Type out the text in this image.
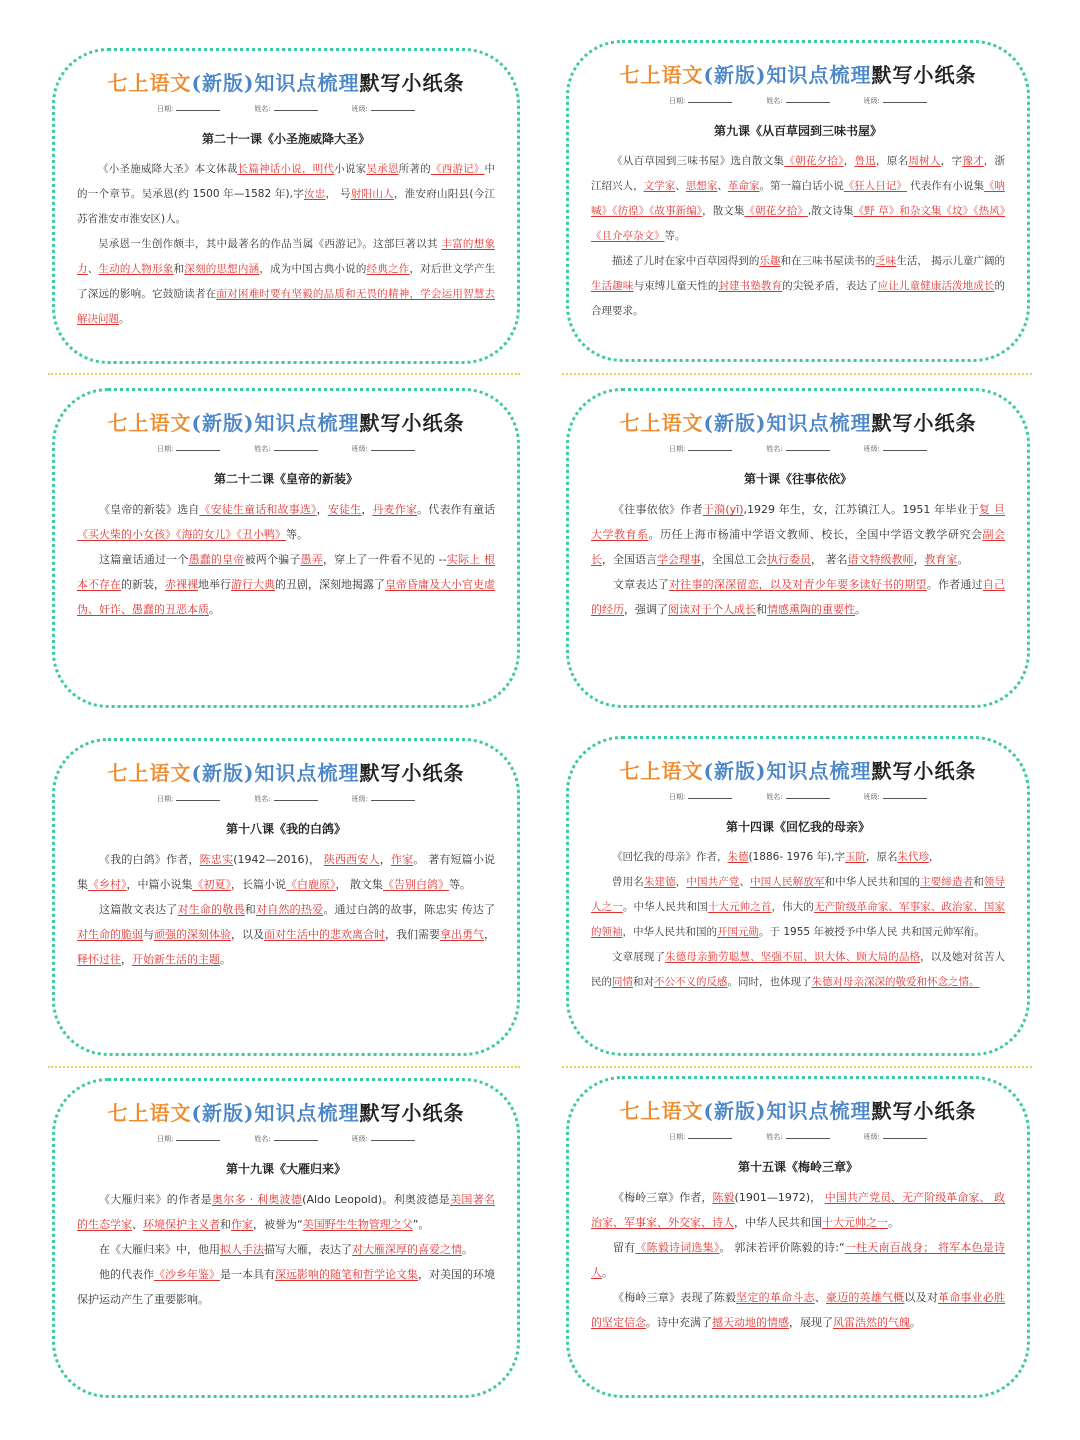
七上语文(新版)知识点梳理默写小纸条
日期:	姓名:	班级:
第二十一课《小圣施威降大圣》

《小圣施威降大圣》本文体裁长篇神话小说，明代小说家吴承恩所著的《西游记》中的一个章节。吴承恩(约 1500 年—1582 年),字汝忠， 号射阳山人，淮安府山阳县(今江苏省淮安市淮安区)人。

吴承恩一生创作颇丰，其中最著名的作品当属《西游记》。这部巨著以其 丰富的想象力、生动的人物形象和深刻的思想内涵，成为中国古典小说的经典之作，对后世文学产生了深远的影响。它鼓励读者在面对困难时要有坚毅的品质和无畏的精神，学会运用智慧去解决问题。

七上语文(新版)知识点梳理默写小纸条
日期:	姓名:	班级:
第九课《从百草园到三味书屋》

《从百草园到三味书屋》选自散文集《朝花夕拾》，鲁迅，原名周树人，字豫才，浙江绍兴人，文学家、思想家、革命家。第一篇白话小说《狂人日记》 代表作有小说集《呐喊》《彷徨》《故事新编》，散文集《朝花夕拾》,散文诗集《野 草》和杂文集《坟》《热风》《且介亭杂文》等。

描述了儿时在家中百草园得到的乐趣和在三味书屋读书的乏味生活， 揭示儿童广阔的生活趣味与束缚儿童天性的封建书塾教育的尖锐矛盾，表达了应让儿童健康活泼地成长的合理要求。

七上语文(新版)知识点梳理默写小纸条
日期:	姓名:	班级:
第二十二课《皇帝的新装》

《皇帝的新装》选自《安徒生童话和故事选》，安徒生，丹麦作家。代表作有童话《买火柴的小女孩》《海的女儿》《丑小鸭》等。

这篇童话通过一个愚蠢的皇帝被两个骗子愚弄，穿上了一件看不见的 --实际上 根本不存在的新装，赤裸裸地举行游行大典的丑剧，深刻地揭露了皇帝昏庸及大小官吏虚伪、奸诈、愚蠢的丑恶本质。

七上语文(新版)知识点梳理默写小纸条
日期:	姓名:	班级:
第十课《往事依依》

《往事依依》作者于漪(yī),1929 年生，女，江苏镇江人。1951 年毕业于复 旦大学教育系。历任上海市杨浦中学语文教师、校长，全国中学语文教学研究会副会长，全国语言学会理事，全国总工会执行委员， 著名语文特级教师，教育家。

文章表达了对往事的深深留恋，以及对青少年要多读好书的期望。作者通过自己的经历，强调了阅读对于个人成长和情感熏陶的重要性。

七上语文(新版)知识点梳理默写小纸条
日期:	姓名:	班级:
第十八课《我的白鸽》

《我的白鸽》作者，陈忠实(1942—2016)， 陕西西安人，作家。 著有短篇小说集《乡村》，中篇小说集《初夏》，长篇小说《白鹿原》， 散文集《告别白鸽》等。

这篇散文表达了对生命的敬畏和对自然的热爱。通过白鸽的故事，陈忠实 传达了对生命的脆弱与顽强的深刻体验，以及面对生活中的悲欢离合时，我们需要拿出勇气，释怀过往，开始新生活的主题。

七上语文(新版)知识点梳理默写小纸条
日期:	姓名:	班级:
第十四课《回忆我的母亲》

《回忆我的母亲》作者，朱德(1886- 1976 年),字玉阶，原名朱代珍，

曾用名朱建德，中国共产党、中国人民解放军和中华人民共和国的主要缔造者和领导人之一。中华人民共和国十大元帅之首，伟大的无产阶级革命家、军事家、政治家、国家的领袖，中华人民共和国的开国元勋。于 1955 年被授予中华人民 共和国元帅军衔。

文章展现了朱德母亲勤劳聪慧、坚强不屈、识大体、顾大局的品格，以及她对贫苦人民的同情和对不公不义的反感。同时，也体现了朱德对母亲深深的敬爱和怀念之情。

七上语文(新版)知识点梳理默写小纸条
日期:	姓名:	班级:
第十九课《大雁归来》

《大雁归来》的作者是奥尔多 · 利奥波德(Aldo Leopold)。利奥波德是美国著名的生态学家、环境保护主义者和作家，被誉为“美国野生生物管理之父”。

在《大雁归来》中，他用拟人手法描写大雁，表达了对大雁深厚的喜爱之情。

他的代表作《沙乡年鉴》是一本具有深远影响的随笔和哲学论文集，对美国的环境保护运动产生了重要影响。

七上语文(新版)知识点梳理默写小纸条
日期:	姓名:	班级:
第十五课《梅岭三章》

《梅岭三章》作者，陈毅(1901—1972)， 中国共产党员、无产阶级革命家、 政治家、军事家、外交家、诗人，中华人民共和国十大元帅之一。

留有《陈毅诗词选集》。 郭沫若评价陈毅的诗:“一柱天南百战身； 将军本色是诗人。

《梅岭三章》表现了陈毅坚定的革命斗志、豪迈的英雄气概以及对革命事业必胜的坚定信念。诗中充满了撼天动地的情感，展现了风雷浩然的气魄。
